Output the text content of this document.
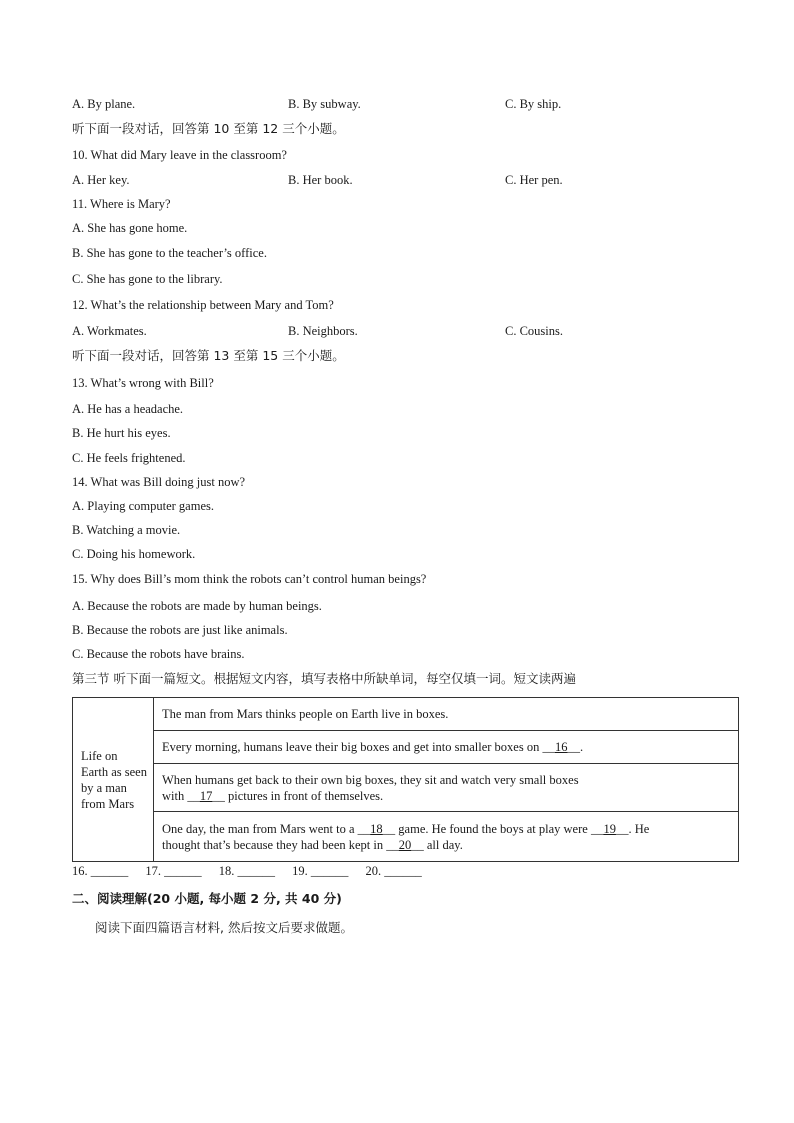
A. By plane.	B. By subway.	C. By ship.
听下面一段对话，回答第 10 至第 12 三个小题。
10. What did Mary leave in the classroom?
A. Her key.	B. Her book.	C. Her pen.
11. Where is Mary?
A. She has gone home.
B. She has gone to the teacher’s office.
C. She has gone to the library.
12. What’s the relationship between Mary and Tom?
A. Workmates.	B. Neighbors.	C. Cousins.
听下面一段对话，回答第 13 至第 15 三个小题。
13. What’s wrong with Bill?
A. He has a headache.
B. He hurt his eyes.
C. He feels frightened.
14. What was Bill doing just now?
A. Playing computer games.
B. Watching a movie.
C. Doing his homework.
15. Why does Bill’s mom think the robots can’t control human beings?
A. Because the robots are made by human beings.
B. Because the robots are just like animals.
C. Because the robots have brains.
第三节 听下面一篇短文。根据短文内容，填写表格中所缺单词，每空仅填一词。短文读两遍
Life on Earth as seen by a man from Mars	The man from Mars thinks people on Earth live in boxes.
Every morning, humans leave their big boxes and get into smaller boxes on __16__.

When humans get back to their own big boxes, they sit and watch very small boxes
with __17__ pictures in front of themselves.

One day, the man from Mars went to a __18__ game. He found the boys at play were __19__. He
thought that’s because they had been kept in __20__ all day.
16. ______ 17. ______ 18. ______ 19. ______ 20. ______
二、阅读理解(20 小题, 每小题 2 分, 共 40 分)
阅读下面四篇语言材料, 然后按文后要求做题。
